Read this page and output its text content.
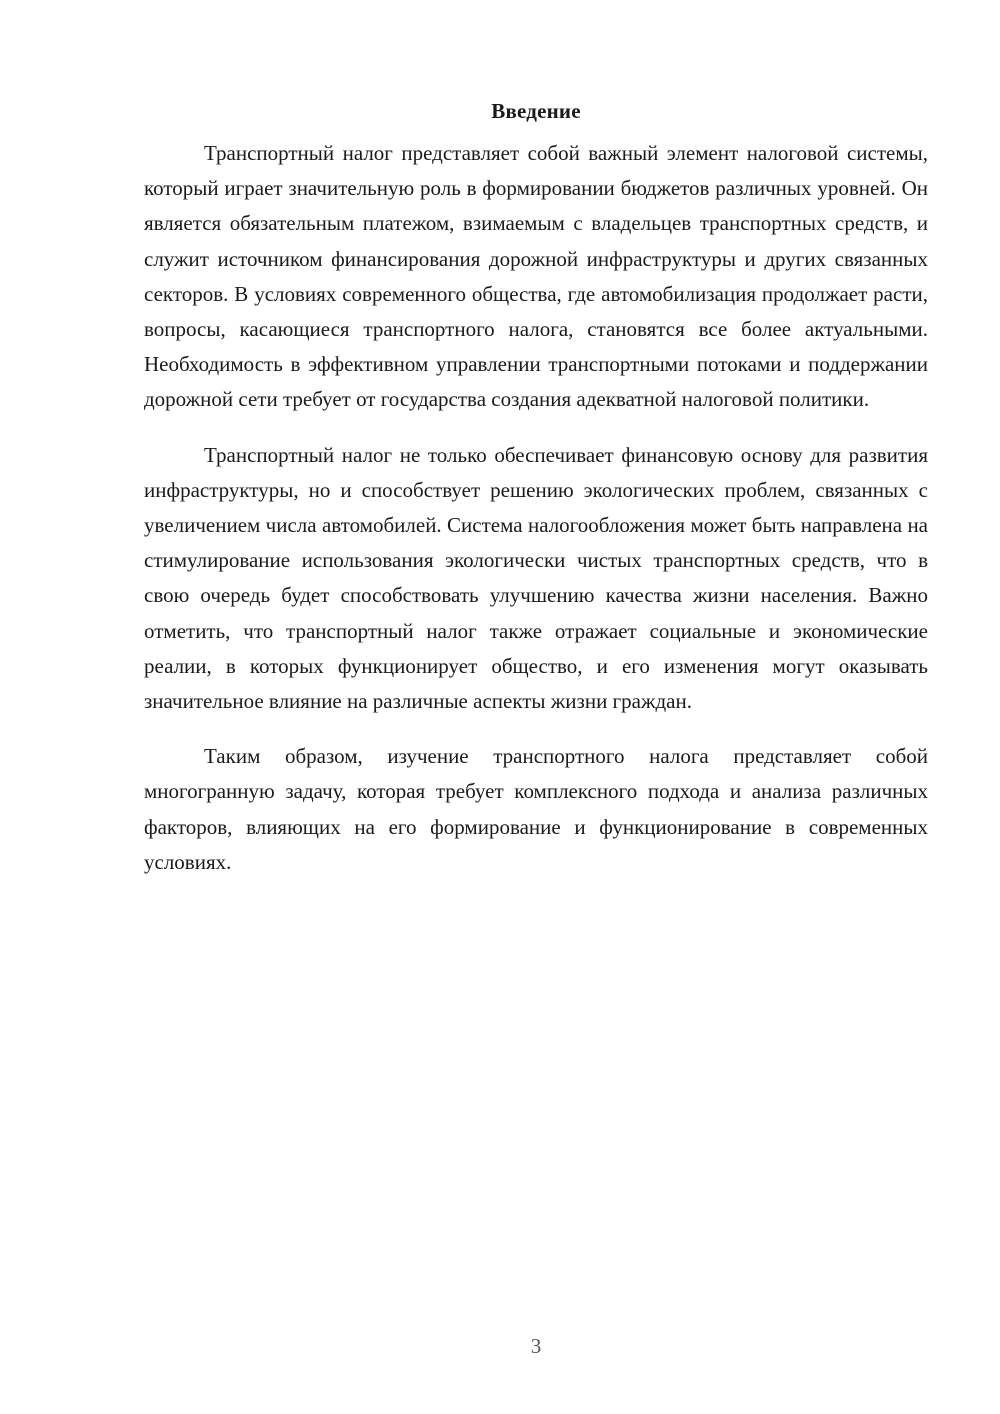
Введение

Транспортный налог представляет собой важный элемент налоговой системы, который играет значительную роль в формировании бюджетов различных уровней. Он является обязательным платежом, взимаемым с владельцев транспортных средств, и служит источником финансирования дорожной инфраструктуры и других связанных секторов. В условиях современного общества, где автомобилизация продолжает расти, вопросы, касающиеся транспортного налога, становятся все более актуальными. Необходимость в эффективном управлении транспортными потоками и поддержании дорожной сети требует от государства создания адекватной налоговой политики.

Транспортный налог не только обеспечивает финансовую основу для развития инфраструктуры, но и способствует решению экологических проблем, связанных с увеличением числа автомобилей. Система налогообложения может быть направлена на стимулирование использования экологически чистых транспортных средств, что в свою очередь будет способствовать улучшению качества жизни населения. Важно отметить, что транспортный налог также отражает социальные и экономические реалии, в которых функционирует общество, и его изменения могут оказывать значительное влияние на различные аспекты жизни граждан.

Таким образом, изучение транспортного налога представляет собой многогранную задачу, которая требует комплексного подхода и анализа различных факторов, влияющих на его формирование и функционирование в современных условиях.

3
